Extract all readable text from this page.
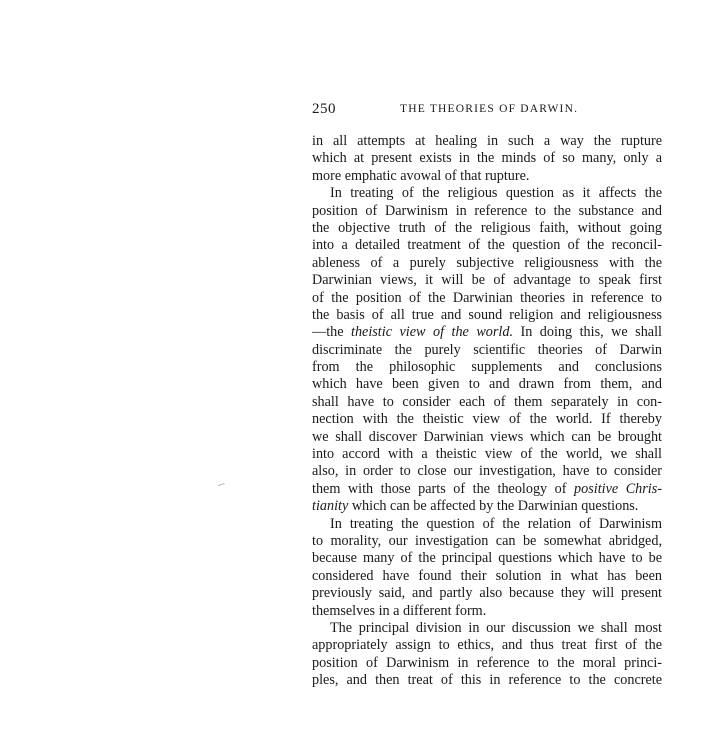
250	THE THEORIES OF DARWIN.
in all attempts at healing in such a way the rupture
which at present exists in the minds of so many, only a
more emphatic avowal of that rupture.
In treating of the religious question as it affects the
position of Darwinism in reference to the substance and
the objective truth of the religious faith, without going
into a detailed treatment of the question of the reconcil-
ableness of a purely subjective religiousness with the
Darwinian views, it will be of advantage to speak first
of the position of the Darwinian theories in reference to
the basis of all true and sound religion and religiousness
—the theistic view of the world. In doing this, we shall
discriminate the purely scientific theories of Darwin
from the philosophic supplements and conclusions
which have been given to and drawn from them, and
shall have to consider each of them separately in con-
nection with the theistic view of the world. If thereby
we shall discover Darwinian views which can be brought
into accord with a theistic view of the world, we shall
also, in order to close our investigation, have to consider
them with those parts of the theology of positive Chris-
tianity which can be affected by the Darwinian questions.
In treating the question of the relation of Darwinism
to morality, our investigation can be somewhat abridged,
because many of the principal questions which have to be
considered have found their solution in what has been
previously said, and partly also because they will present
themselves in a different form.
The principal division in our discussion we shall most
appropriately assign to ethics, and thus treat first of the
position of Darwinism in reference to the moral princi-
ples, and then treat of this in reference to the concrete
